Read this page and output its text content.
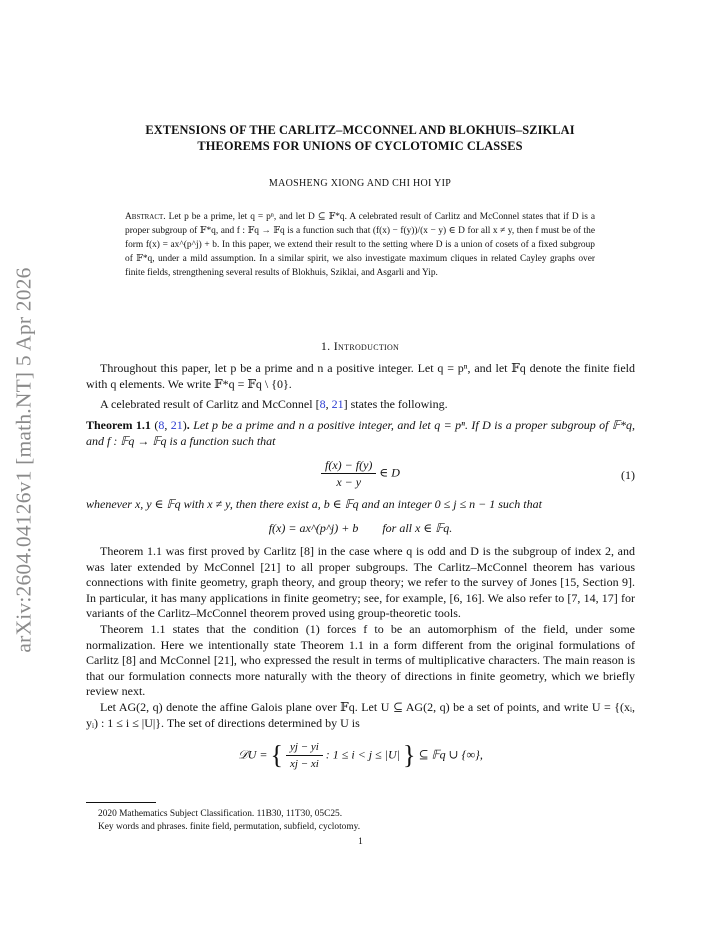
arXiv:2604.04126v1 [math.NT] 5 Apr 2026
EXTENSIONS OF THE CARLITZ–MCCONNEL AND BLOKHUIS–SZIKLAI
THEOREMS FOR UNIONS OF CYCLOTOMIC CLASSES
MAOSHENG XIONG AND CHI HOI YIP
Abstract. Let p be a prime, let q = pⁿ, and let D ⊆ 𝔽*q. A celebrated result of Carlitz and McConnel states that if D is a proper subgroup of 𝔽*q, and f : 𝔽q → 𝔽q is a function such that (f(x) − f(y))/(x − y) ∈ D for all x ≠ y, then f must be of the form f(x) = ax^(p^j) + b. In this paper, we extend their result to the setting where D is a union of cosets of a fixed subgroup of 𝔽*q, under a mild assumption. In a similar spirit, we also investigate maximum cliques in related Cayley graphs over finite fields, strengthening several results of Blokhuis, Sziklai, and Asgarli and Yip.
1. Introduction
Throughout this paper, let p be a prime and n a positive integer. Let q = pⁿ, and let 𝔽q denote the finite field with q elements. We write 𝔽*q = 𝔽q \ {0}.
A celebrated result of Carlitz and McConnel [8, 21] states the following.
Theorem 1.1 (8, 21). Let p be a prime and n a positive integer, and let q = pⁿ. If D is a proper subgroup of 𝔽*q, and f : 𝔽q → 𝔽q is a function such that
$\frac{f(x) - f(y)}{x - y}$ ∈ D	(1)
whenever x, y ∈ 𝔽q with x ≠ y, then there exist a, b ∈ 𝔽q and an integer 0 ≤ j ≤ n − 1 such that
f(x) = ax^(p^j) + b for all x ∈ 𝔽q.
Theorem 1.1 was first proved by Carlitz [8] in the case where q is odd and D is the subgroup of index 2, and was later extended by McConnel [21] to all proper subgroups. The Carlitz–McConnel theorem has various connections with finite geometry, graph theory, and group theory; we refer to the survey of Jones [15, Section 9]. In particular, it has many applications in finite geometry; see, for example, [6, 16]. We also refer to [7, 14, 17] for variants of the Carlitz–McConnel theorem proved using group-theoretic tools.
Theorem 1.1 states that the condition (1) forces f to be an automorphism of the field, under some normalization. Here we intentionally state Theorem 1.1 in a form different from the original formulations of Carlitz [8] and McConnel [21], who expressed the result in terms of multiplicative characters. The main reason is that our formulation connects more naturally with the theory of directions in finite geometry, which we briefly review next.
Let AG(2, q) denote the affine Galois plane over 𝔽q. Let U ⊆ AG(2, q) be a set of points, and write U = {(xᵢ, yᵢ) : 1 ≤ i ≤ |U|}. The set of directions determined by U is
𝒟U = { $\frac{yj - yi}{xj - xi}$ : 1 ≤ i < j ≤ |U| } ⊆ 𝔽q ∪ {∞},
2020 Mathematics Subject Classification. 11B30, 11T30, 05C25.
Key words and phrases. finite field, permutation, subfield, cyclotomy.
1
